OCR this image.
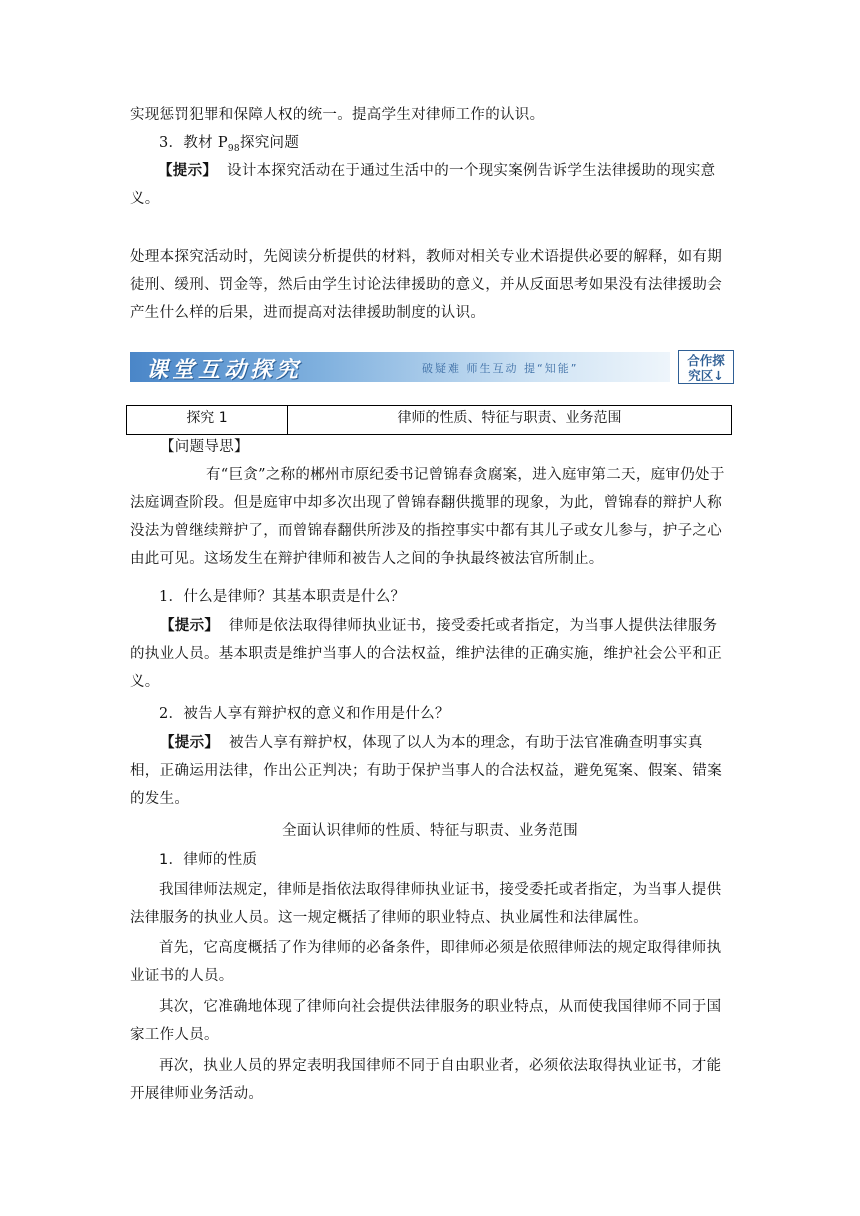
实现惩罚犯罪和保障人权的统一。提高学生对律师工作的认识。

3．教材 $P_{98}$探究问题

【提示】 设计本探究活动在于通过生活中的一个现实案例告诉学生法律援助的现实意义。

处理本探究活动时，先阅读分析提供的材料，教师对相关专业术语提供必要的解释，如有期徒刑、缓刑、罚金等，然后由学生讨论法律援助的意义，并从反面思考如果没有法律援助会产生什么样的后果，进而提高对法律援助制度的认识。

课堂互动探究	破疑难 师生互动 提“知能”
合作探
究区↓
探究 1	律师的性质、特征与职责、业务范围

【问题导思】

有“巨贪”之称的郴州市原纪委书记曾锦春贪腐案，进入庭审第二天，庭审仍处于法庭调查阶段。但是庭审中却多次出现了曾锦春翻供揽罪的现象，为此，曾锦春的辩护人称没法为曾继续辩护了，而曾锦春翻供所涉及的指控事实中都有其儿子或女儿参与，护子之心由此可见。这场发生在辩护律师和被告人之间的争执最终被法官所制止。

1．什么是律师？其基本职责是什么？

【提示】 律师是依法取得律师执业证书，接受委托或者指定，为当事人提供法律服务的执业人员。基本职责是维护当事人的合法权益，维护法律的正确实施，维护社会公平和正义。

2．被告人享有辩护权的意义和作用是什么？

【提示】 被告人享有辩护权，体现了以人为本的理念，有助于法官准确查明事实真相，正确运用法律，作出公正判决；有助于保护当事人的合法权益，避免冤案、假案、错案的发生。

全面认识律师的性质、特征与职责、业务范围

1．律师的性质

我国律师法规定，律师是指依法取得律师执业证书，接受委托或者指定，为当事人提供法律服务的执业人员。这一规定概括了律师的职业特点、执业属性和法律属性。

首先，它高度概括了作为律师的必备条件，即律师必须是依照律师法的规定取得律师执业证书的人员。

其次，它准确地体现了律师向社会提供法律服务的职业特点，从而使我国律师不同于国家工作人员。

再次，执业人员的界定表明我国律师不同于自由职业者，必须依法取得执业证书，才能开展律师业务活动。
